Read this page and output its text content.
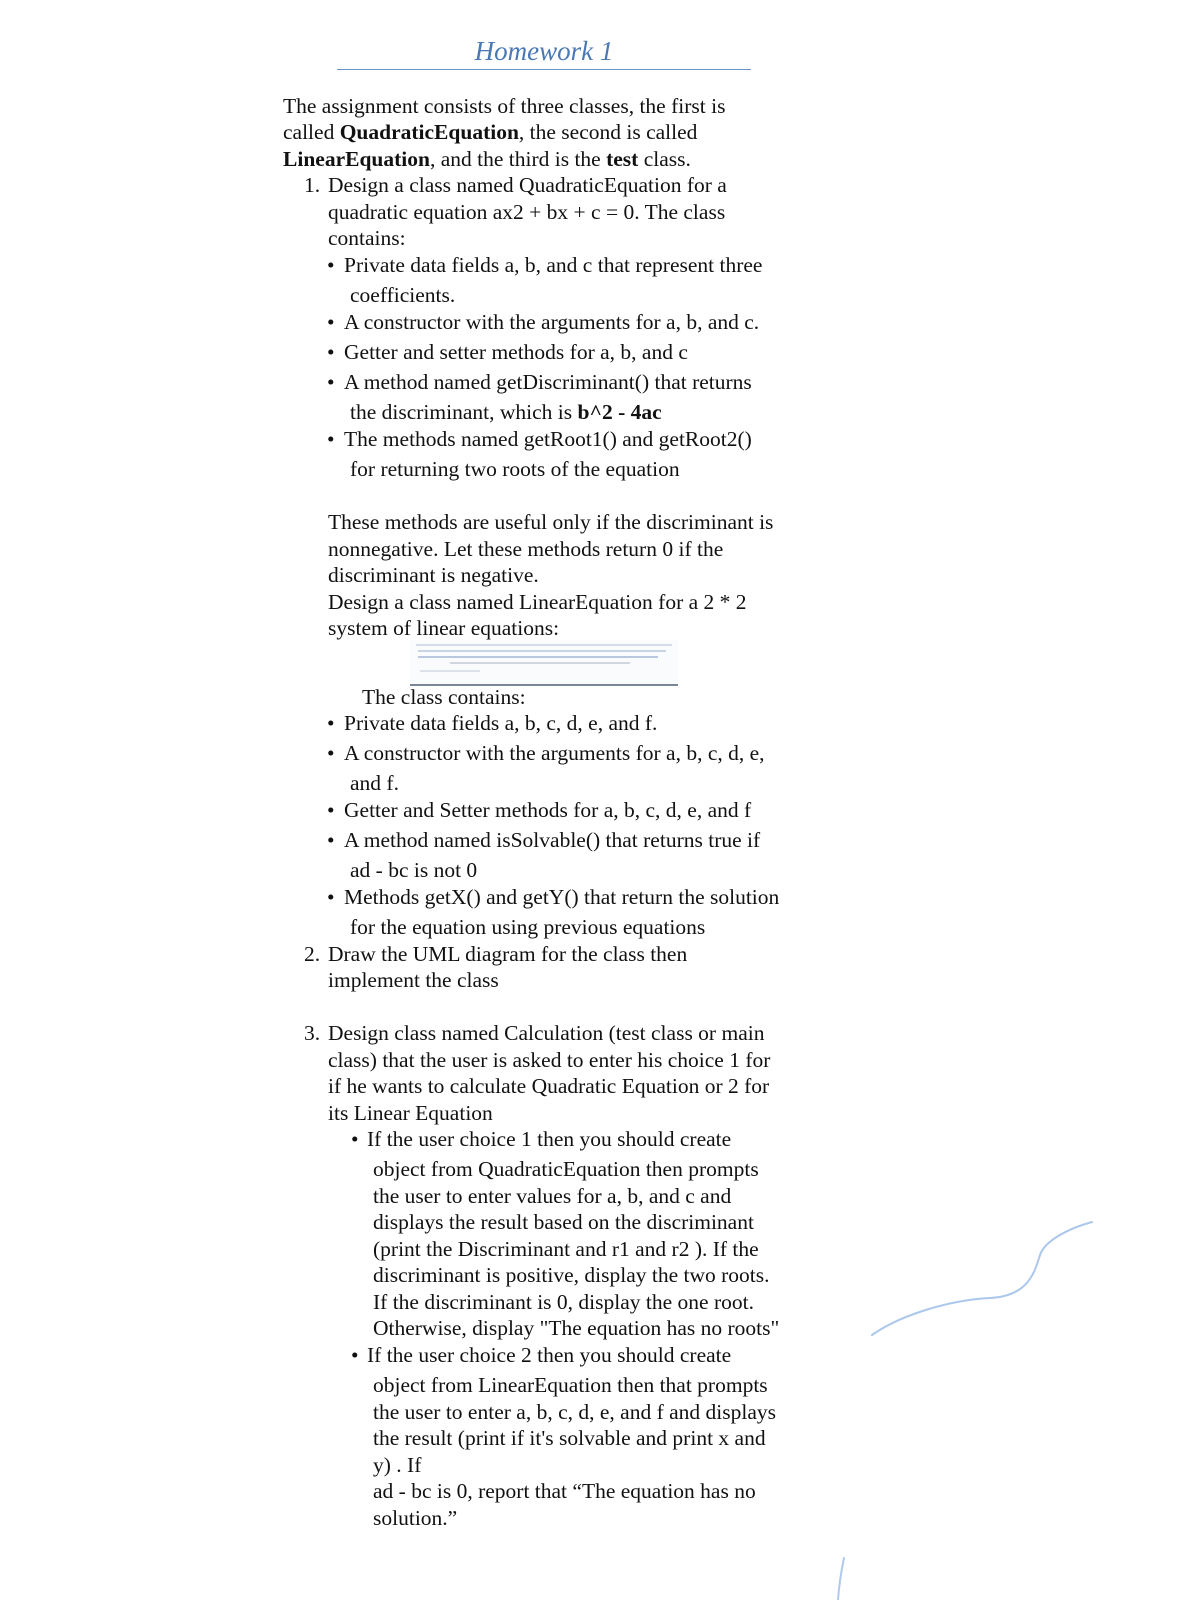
Homework 1

The assignment consists of three classes, the first is

called QuadraticEquation, the second is called

LinearEquation, and the third is the test class.

1. Design a class named QuadraticEquation for a

quadratic equation ax2 + bx + c = 0. The class

contains:

• Private data fields a, b, and c that represent three

coefficients.

• A constructor with the arguments for a, b, and c.

• Getter and setter methods for a, b, and c

• A method named getDiscriminant() that returns

the discriminant, which is b^2 - 4ac

• The methods named getRoot1() and getRoot2()

for returning two roots of the equation

These methods are useful only if the discriminant is

nonnegative. Let these methods return 0 if the

discriminant is negative.

Design a class named LinearEquation for a 2 * 2

system of linear equations:

The class contains:

• Private data fields a, b, c, d, e, and f.

• A constructor with the arguments for a, b, c, d, e,

and f.

• Getter and Setter methods for a, b, c, d, e, and f

• A method named isSolvable() that returns true if

ad - bc is not 0

• Methods getX() and getY() that return the solution

for the equation using previous equations

2. Draw the UML diagram for the class then

implement the class

3. Design class named Calculation (test class or main

class) that the user is asked to enter his choice 1 for

if he wants to calculate Quadratic Equation or 2 for

its Linear Equation

• If the user choice 1 then you should create

object from QuadraticEquation then prompts

the user to enter values for a, b, and c and

displays the result based on the discriminant

(print the Discriminant and r1 and r2 ). If the

discriminant is positive, display the two roots.

If the discriminant is 0, display the one root.

Otherwise, display "The equation has no roots"

• If the user choice 2 then you should create

object from LinearEquation then that prompts

the user to enter a, b, c, d, e, and f and displays

the result (print if it's solvable and print x and

y) . If

ad - bc is 0, report that “The equation has no

solution.”
